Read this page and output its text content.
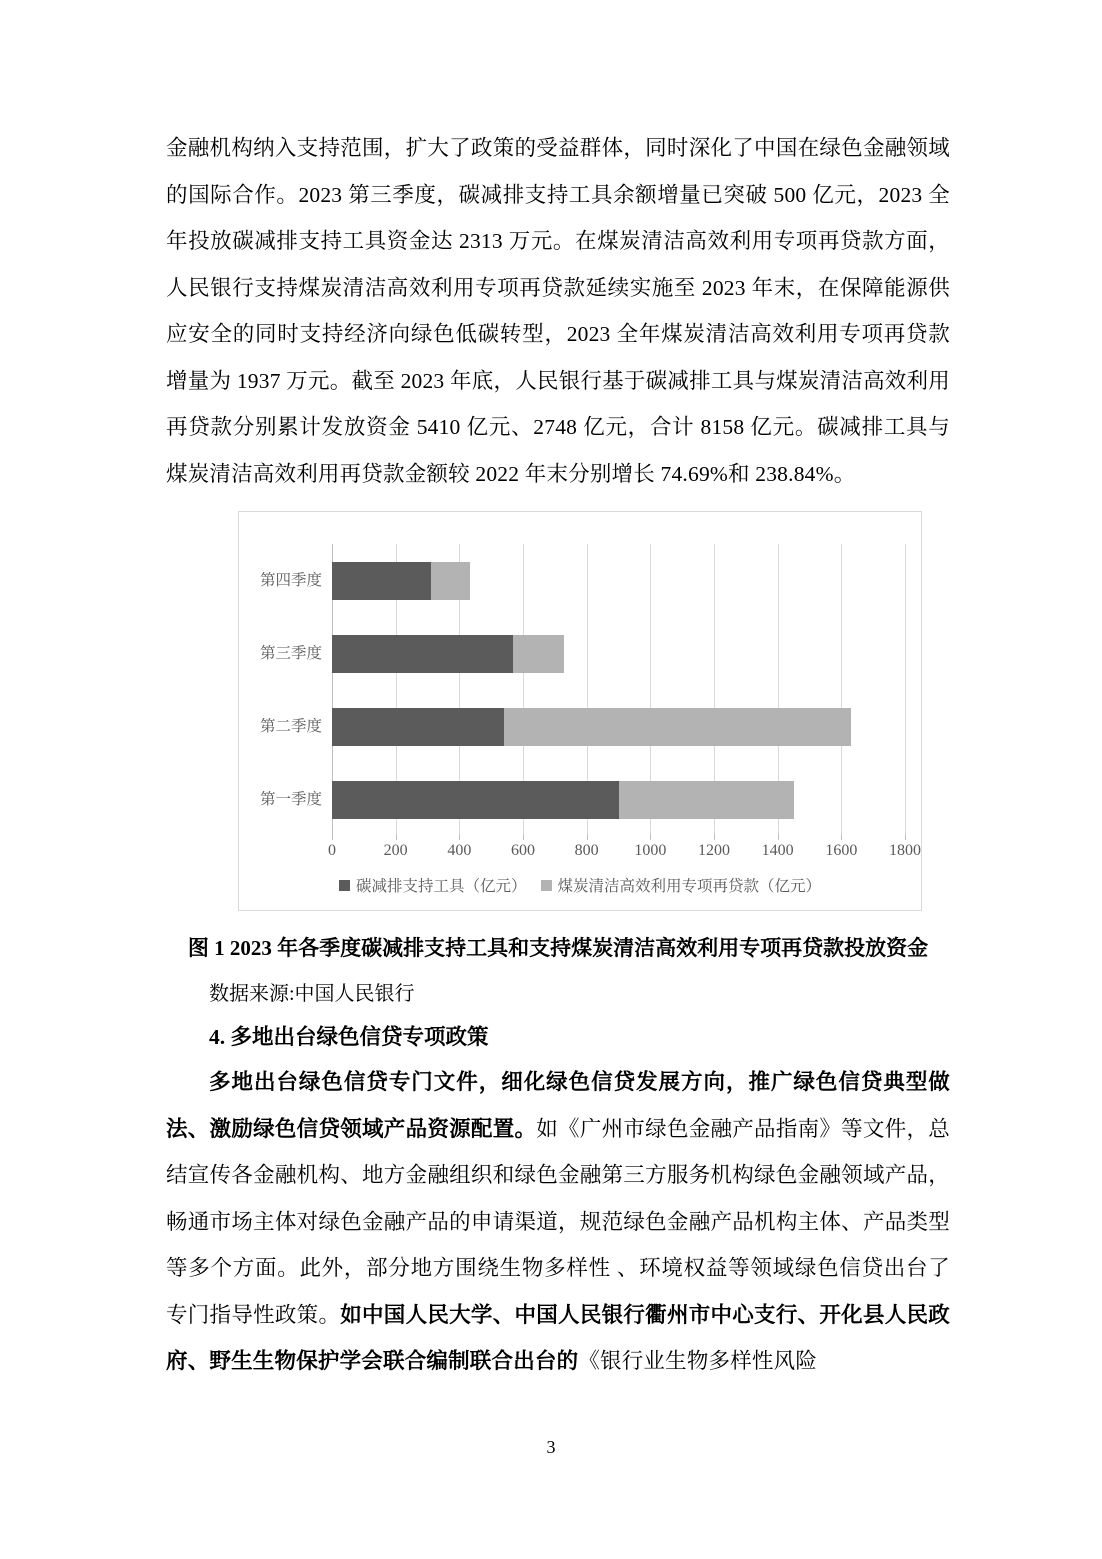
金融机构纳入支持范围，扩大了政策的受益群体，同时深化了中国在绿色金融领域的国际合作。2023 第三季度，碳减排支持工具余额增量已突破 500 亿元，2023 全年投放碳减排支持工具资金达 2313 万元。在煤炭清洁高效利用专项再贷款方面，人民银行支持煤炭清洁高效利用专项再贷款延续实施至 2023 年末，在保障能源供应安全的同时支持经济向绿色低碳转型，2023 全年煤炭清洁高效利用专项再贷款增量为 1937 万元。截至 2023 年底，人民银行基于碳减排工具与煤炭清洁高效利用再贷款分别累计发放资金 5410 亿元、2748 亿元，合计 8158 亿元。碳减排工具与煤炭清洁高效利用再贷款金额较 2022 年末分别增长 74.69%和 238.84%。

第四季度
第三季度
第二季度
第一季度
0	200 400 600 800 1000 1200 1400 1600 1800
碳减排支持工具（亿元） 煤炭清洁高效利用专项再贷款（亿元）

图 1 2023 年各季度碳减排支持工具和支持煤炭清洁高效利用专项再贷款投放资金

数据来源:中国人民银行

4. 多地出台绿色信贷专项政策

多地出台绿色信贷专门文件，细化绿色信贷发展方向，推广绿色信贷典型做法、激励绿色信贷领域产品资源配置。如《广州市绿色金融产品指南》等文件，总结宣传各金融机构、地方金融组织和绿色金融第三方服务机构绿色金融领域产品，畅通市场主体对绿色金融产品的申请渠道，规范绿色金融产品机构主体、产品类型等多个方面。此外，部分地方围绕生物多样性 、环境权益等领域绿色信贷出台了专门指导性政策。如中国人民大学、中国人民银行衢州市中心支行、开化县人民政府、野生生物保护学会联合编制联合出台的《银行业生物多样性风险

3
